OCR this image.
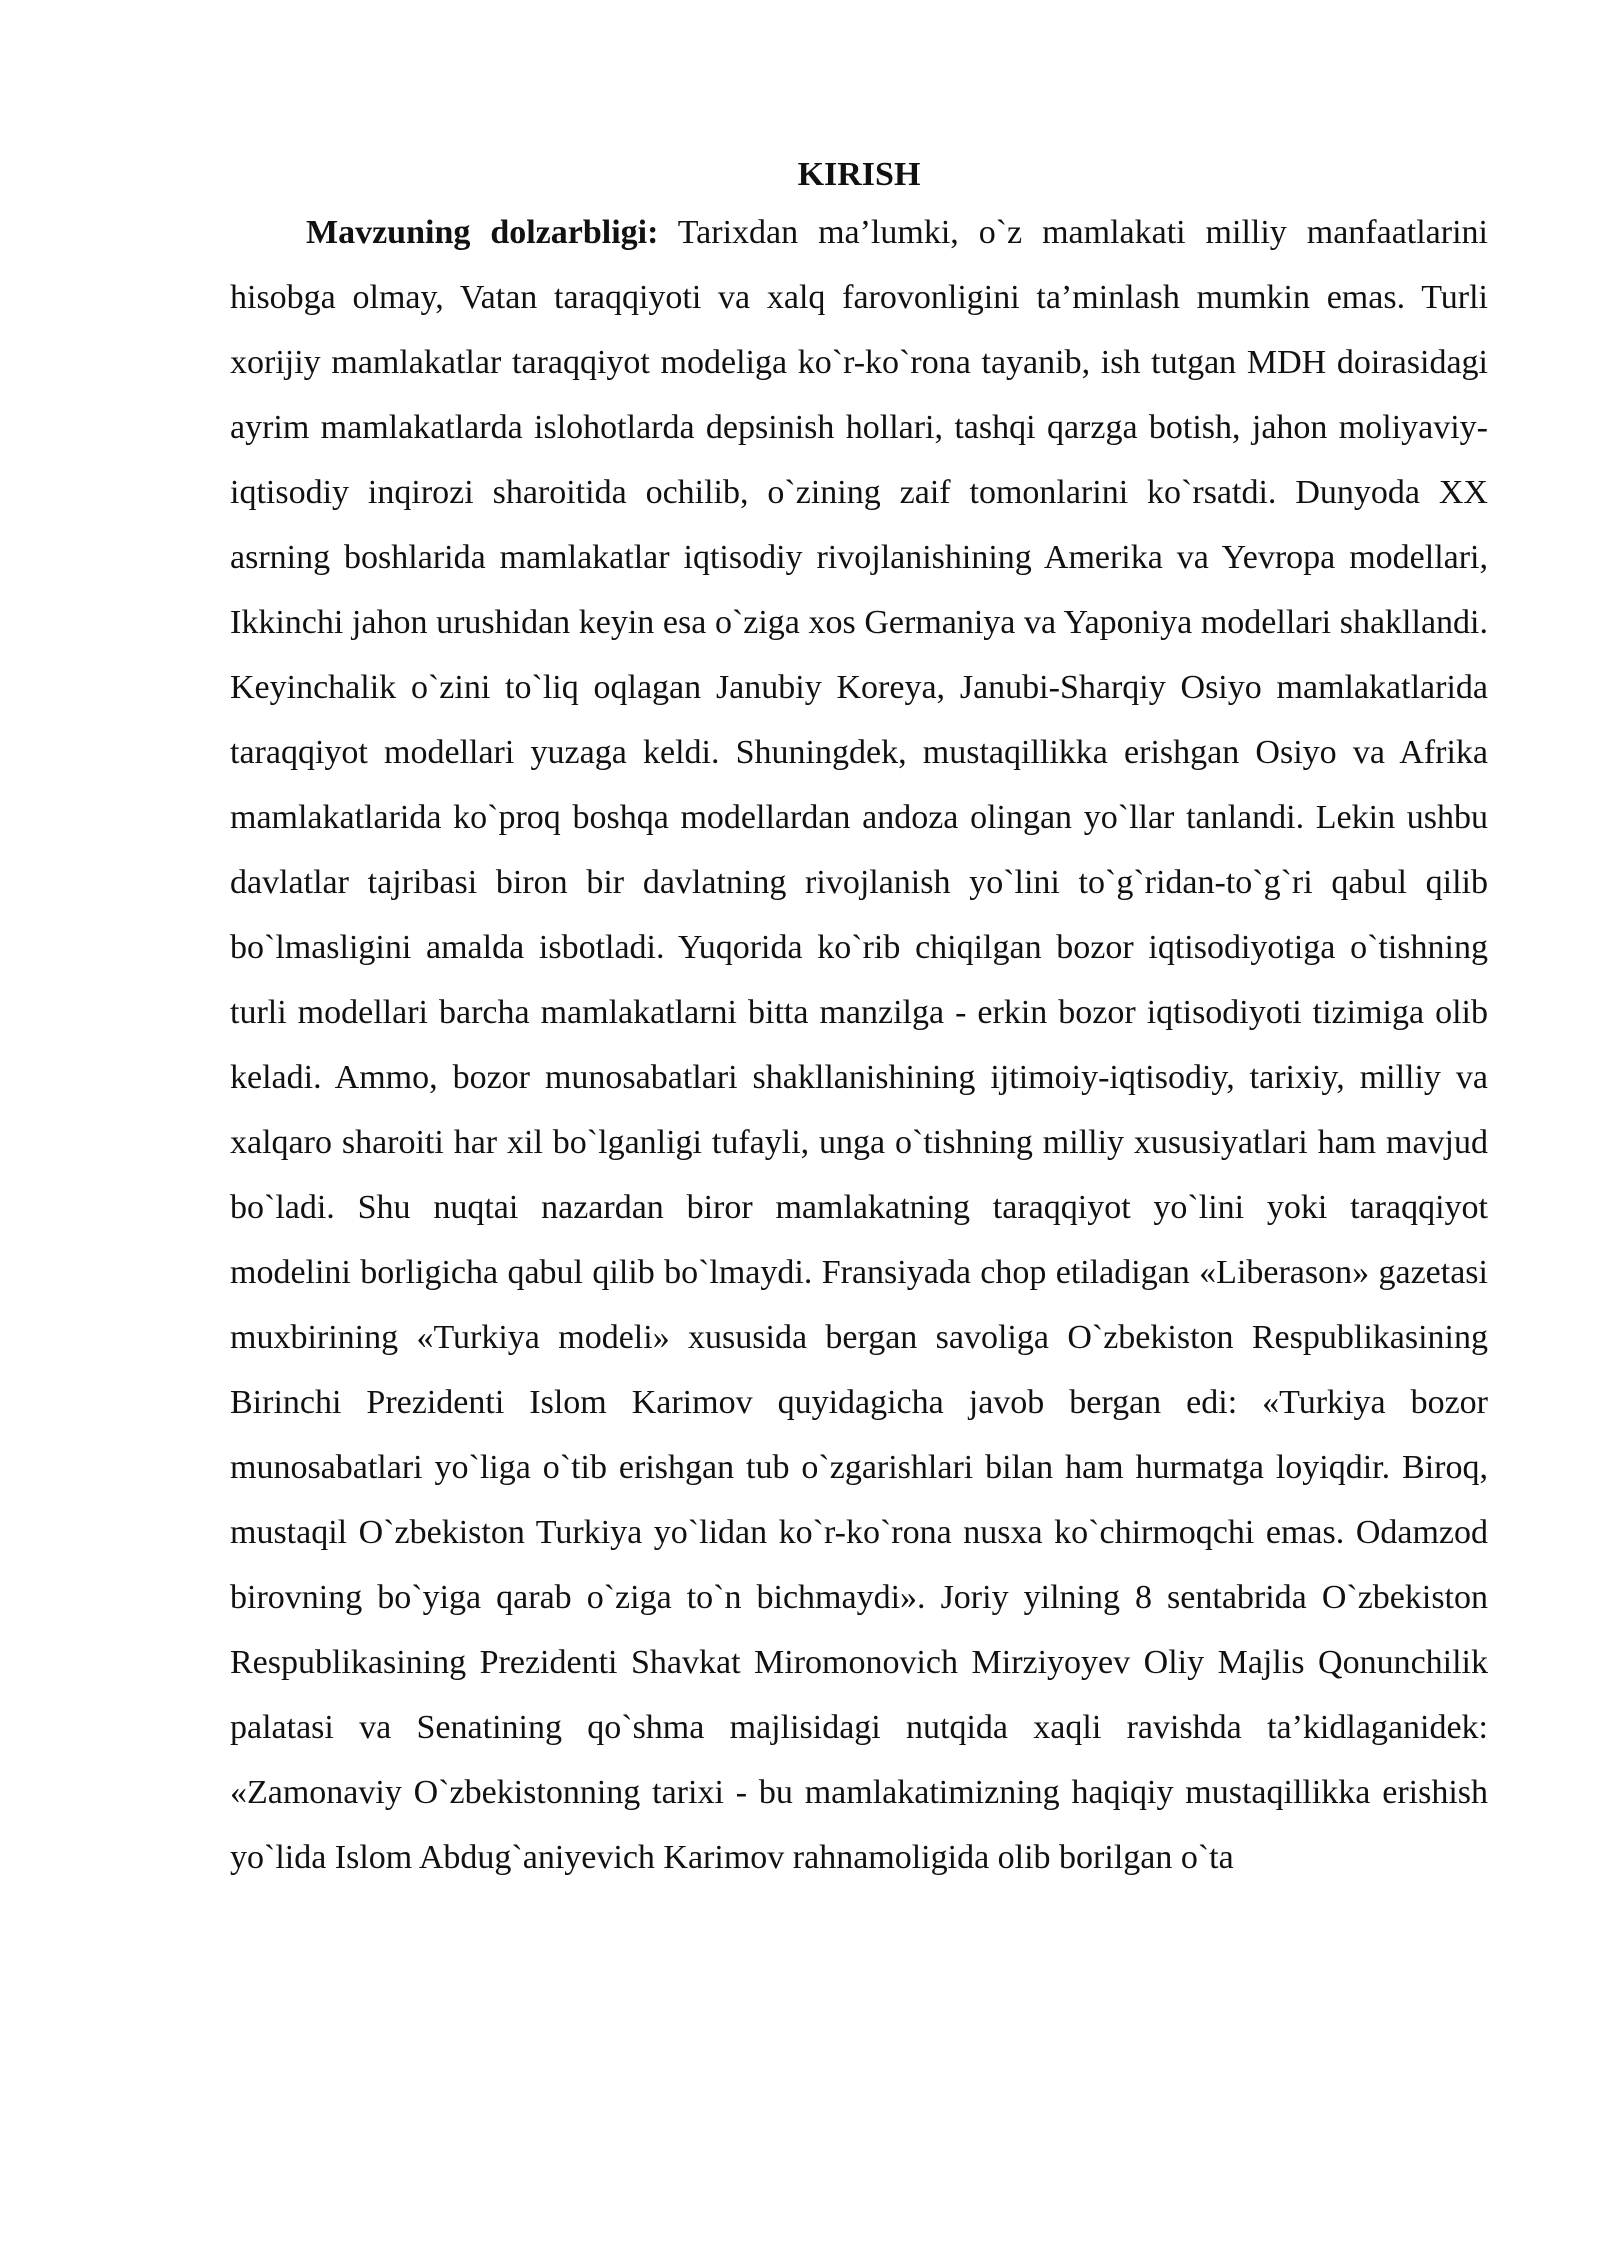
KIRISH

Mavzuning dolzarbligi: Tarixdan ma’lumki, o`z mamlakati milliy manfaatlarini hisobga olmay, Vatan taraqqiyoti va xalq farovonligini ta’minlash mumkin emas. Turli xorijiy mamlakatlar taraqqiyot modeliga ko`r-ko`rona tayanib, ish tutgan MDH doirasidagi ayrim mamlakatlarda islohotlarda depsinish hollari, tashqi qarzga botish, jahon moliyaviy-iqtisodiy inqirozi sharoitida ochilib, o`zining zaif tomonlarini ko`rsatdi. Dunyoda XX asrning boshlarida mamlakatlar iqtisodiy rivojlanishining Amerika va Yevropa modellari, Ikkinchi jahon urushidan keyin esa o`ziga xos Germaniya va Yaponiya modellari shakllandi. Keyinchalik o`zini to`liq oqlagan Janubiy Koreya, Janubi-Sharqiy Osiyo mamlakatlarida taraqqiyot modellari yuzaga keldi. Shuningdek, mustaqillikka erishgan Osiyo va Afrika mamlakatlarida ko`proq boshqa modellardan andoza olingan yo`llar tanlandi. Lekin ushbu davlatlar tajribasi biron bir davlatning rivojlanish yo`lini to`g`ridan-to`g`ri qabul qilib bo`lmasligini amalda isbotladi. Yuqorida ko`rib chiqilgan bozor iqtisodiyotiga o`tishning turli modellari barcha mamlakatlarni bitta manzilga - erkin bozor iqtisodiyoti tizimiga olib keladi. Ammo, bozor munosabatlari shakllanishining ijtimoiy-iqtisodiy, tarixiy, milliy va xalqaro sharoiti har xil bo`lganligi tufayli, unga o`tishning milliy xususiyatlari ham mavjud bo`ladi. Shu nuqtai nazardan biror mamlakatning taraqqiyot yo`lini yoki taraqqiyot modelini borligicha qabul qilib bo`lmaydi. Fransiyada chop etiladigan «Liberason» gazetasi muxbirining «Turkiya modeli» xususida bergan savoliga O`zbekiston Respublikasining Birinchi Prezidenti Islom Karimov quyidagicha javob bergan edi: «Turkiya bozor munosabatlari yo`liga o`tib erishgan tub o`zgarishlari bilan ham hurmatga loyiqdir. Biroq, mustaqil O`zbekiston Turkiya yo`lidan ko`r-ko`rona nusxa ko`chirmoqchi emas. Odamzod birovning bo`yiga qarab o`ziga to`n bichmaydi». Joriy yilning 8 sentabrida O`zbekiston Respublikasining Prezidenti Shavkat Miromonovich Mirziyoyev Oliy Majlis Qonunchilik palatasi va Senatining qo`shma majlisidagi nutqida xaqli ravishda ta’kidlaganidek: «Zamonaviy O`zbekistonning tarixi - bu mamlakatimizning haqiqiy mustaqillikka erishish yo`lida Islom Abdug`aniyevich Karimov rahnamoligida olib borilgan o`ta
